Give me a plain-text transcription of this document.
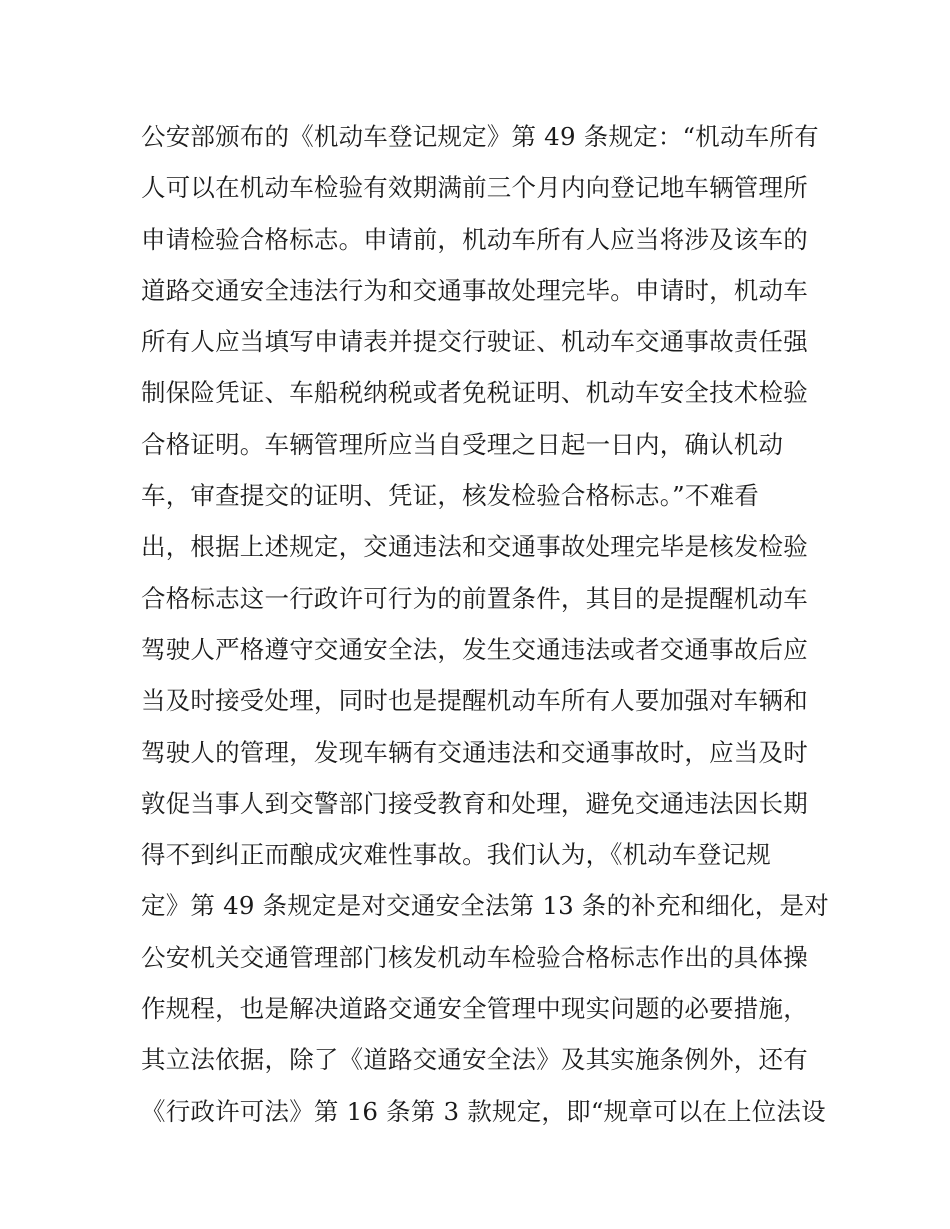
公安部颁布的《机动车登记规定》第 49 条规定：“机动车所有
人可以在机动车检验有效期满前三个月内向登记地车辆管理所
申请检验合格标志。申请前，机动车所有人应当将涉及该车的
道路交通安全违法行为和交通事故处理完毕。申请时，机动车
所有人应当填写申请表并提交行驶证、机动车交通事故责任强
制保险凭证、车船税纳税或者免税证明、机动车安全技术检验
合格证明。车辆管理所应当自受理之日起一日内，确认机动
车，审查提交的证明、凭证，核发检验合格标志。”不难看
出，根据上述规定，交通违法和交通事故处理完毕是核发检验
合格标志这一行政许可行为的前置条件，其目的是提醒机动车
驾驶人严格遵守交通安全法，发生交通违法或者交通事故后应
当及时接受处理，同时也是提醒机动车所有人要加强对车辆和
驾驶人的管理，发现车辆有交通违法和交通事故时，应当及时
敦促当事人到交警部门接受教育和处理，避免交通违法因长期
得不到纠正而酿成灾难性事故。我们认为，《机动车登记规
定》第 49 条规定是对交通安全法第 13 条的补充和细化，是对
公安机关交通管理部门核发机动车检验合格标志作出的具体操
作规程，也是解决道路交通安全管理中现实问题的必要措施，
其立法依据，除了《道路交通安全法》及其实施条例外，还有
《行政许可法》第 16 条第 3 款规定，即“规章可以在上位法设
